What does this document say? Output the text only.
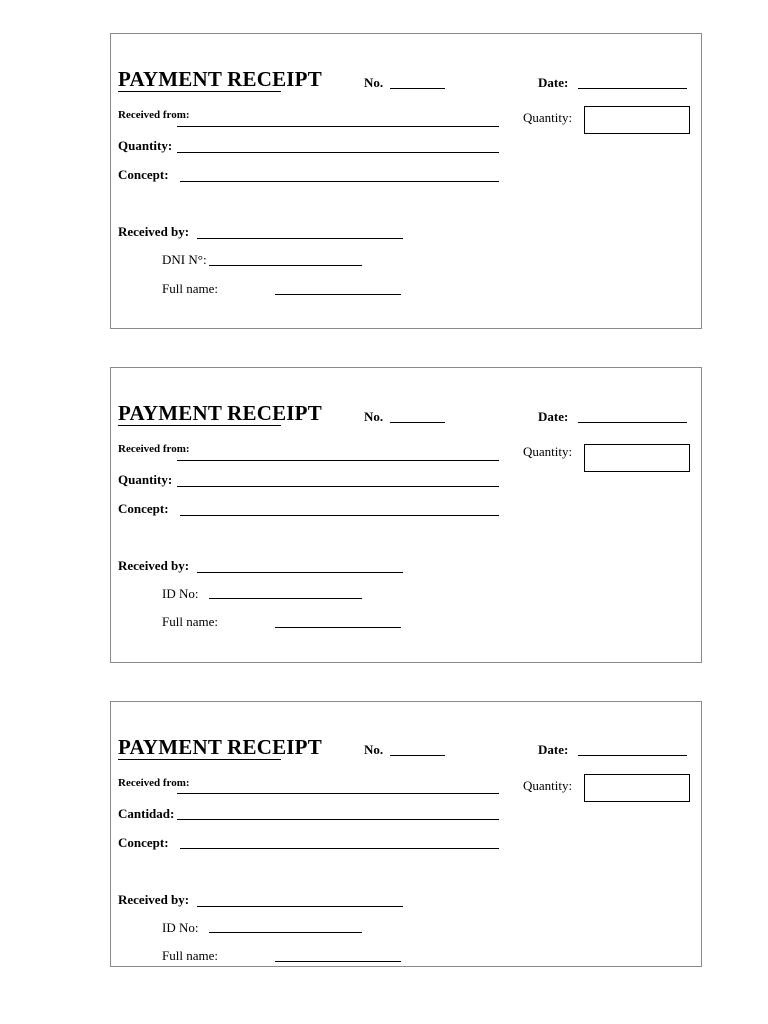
PAYMENT RECEIPT	No.	Date:
Received from:	Quantity:
Quantity:
Concept:
Received by:
DNI N°:
Full name:
PAYMENT RECEIPT	No.	Date:
Received from:	Quantity:
Quantity:
Concept:
Received by:
ID No:
Full name:
PAYMENT RECEIPT	No.	Date:
Received from:	Quantity:
Cantidad:
Concept:
Received by:
ID No:
Full name:
